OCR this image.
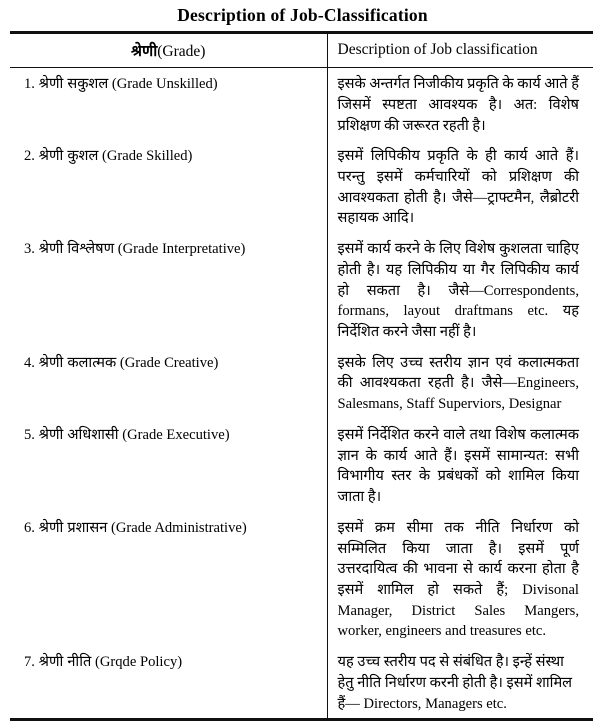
Description of Job-Classification
श्रेणी(Grade)	Description of Job classification
1. श्रेणी सकुशल (Grade Unskilled)	इसके अन्तर्गत निजीकीय प्रकृति के कार्य आते हैं जिसमें स्पष्टता आवश्यक है। अत: विशेष प्रशिक्षण की जरूरत रहती है।
2. श्रेणी कुशल (Grade Skilled)	इसमें लिपिकीय प्रकृति के ही कार्य आते हैं। परन्तु इसमें कर्मचारियों को प्रशिक्षण की आवश्यकता होती है। जैसे—ट्राफ्टमैन, लैब्रोटरी सहायक आदि।
3. श्रेणी विश्लेषण (Grade Interpretative)	इसमें कार्य करने के लिए विशेष कुशलता चाहिए होती है। यह लिपिकीय या गैर लिपिकीय कार्य हो सकता है। जैसे—Correspondents, formans, layout draftmans etc. यह निर्देशित करने जैसा नहीं है।
4. श्रेणी कलात्मक (Grade Creative)	इसके लिए उच्च स्तरीय ज्ञान एवं कलात्मकता की आवश्यकता रहती है। जैसे—Engineers, Salesmans, Staff Superviors, Designar
5. श्रेणी अधिशासी (Grade Executive)	इसमें निर्देशित करने वाले तथा विशेष कलात्मक ज्ञान के कार्य आते हैं। इसमें सामान्यत: सभी विभागीय स्तर के प्रबंधकों को शामिल किया जाता है।
6. श्रेणी प्रशासन (Grade Administrative)	इसमें क्रम सीमा तक नीति निर्धारण को सम्मिलित किया जाता है। इसमें पूर्ण उत्तरदायित्व की भावना से कार्य करना होता है इसमें शामिल हो सकते हैं; Divisonal Manager, District Sales Mangers, worker, engineers and treasures etc.
7. श्रेणी नीति (Grqde Policy)	यह उच्च स्तरीय पद से संबंधित है। इन्हें संस्था हेतु नीति निर्धारण करनी होती है। इसमें शामिल हैं— Directors, Managers etc.
